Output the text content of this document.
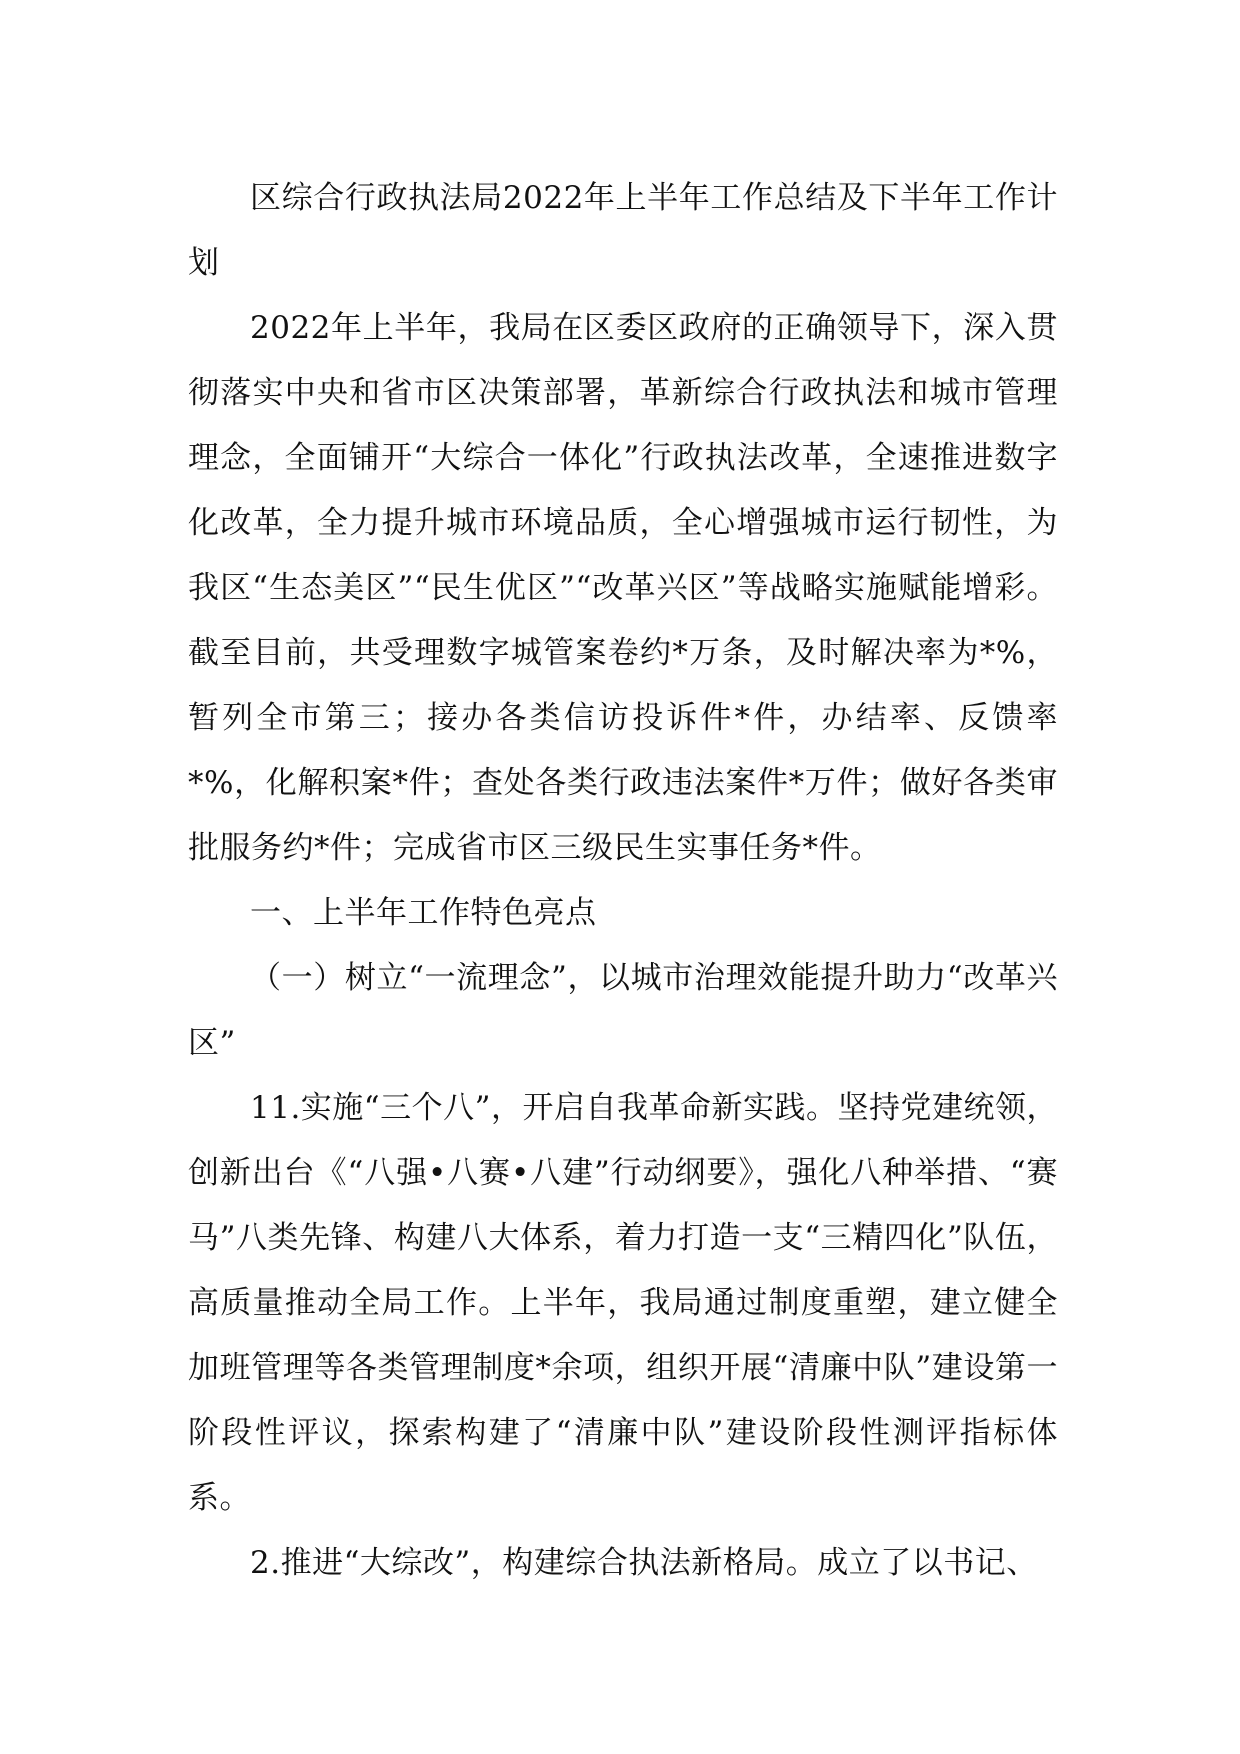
区综合行政执法局2022年上半年工作总结及下半年工作计划

2022年上半年，我局在区委区政府的正确领导下，深入贯彻落实中央和省市区决策部署，革新综合行政执法和城市管理理念，全面铺开“大综合一体化”行政执法改革，全速推进数字化改革，全力提升城市环境品质，全心增强城市运行韧性，为我区“生态美区”“民生优区”“改革兴区”等战略实施赋能增彩。截至目前，共受理数字城管案卷约*万条，及时解决率为*%，暂列全市第三；接办各类信访投诉件*件，办结率、反馈率*%，化解积案*件；查处各类行政违法案件*万件；做好各类审批服务约*件；完成省市区三级民生实事任务*件。

一、上半年工作特色亮点

（一）树立“一流理念”，以城市治理效能提升助力“改革兴区”

11.实施“三个八”，开启自我革命新实践。坚持党建统领，创新出台《“八强•八赛•八建”行动纲要》，强化八种举措、“赛马”八类先锋、构建八大体系，着力打造一支“三精四化”队伍，高质量推动全局工作。上半年，我局通过制度重塑，建立健全加班管理等各类管理制度*余项，组织开展“清廉中队”建设第一阶段性评议，探索构建了“清廉中队”建设阶段性测评指标体系。

2.推进“大综改”，构建综合执法新格局。成立了以书记、
